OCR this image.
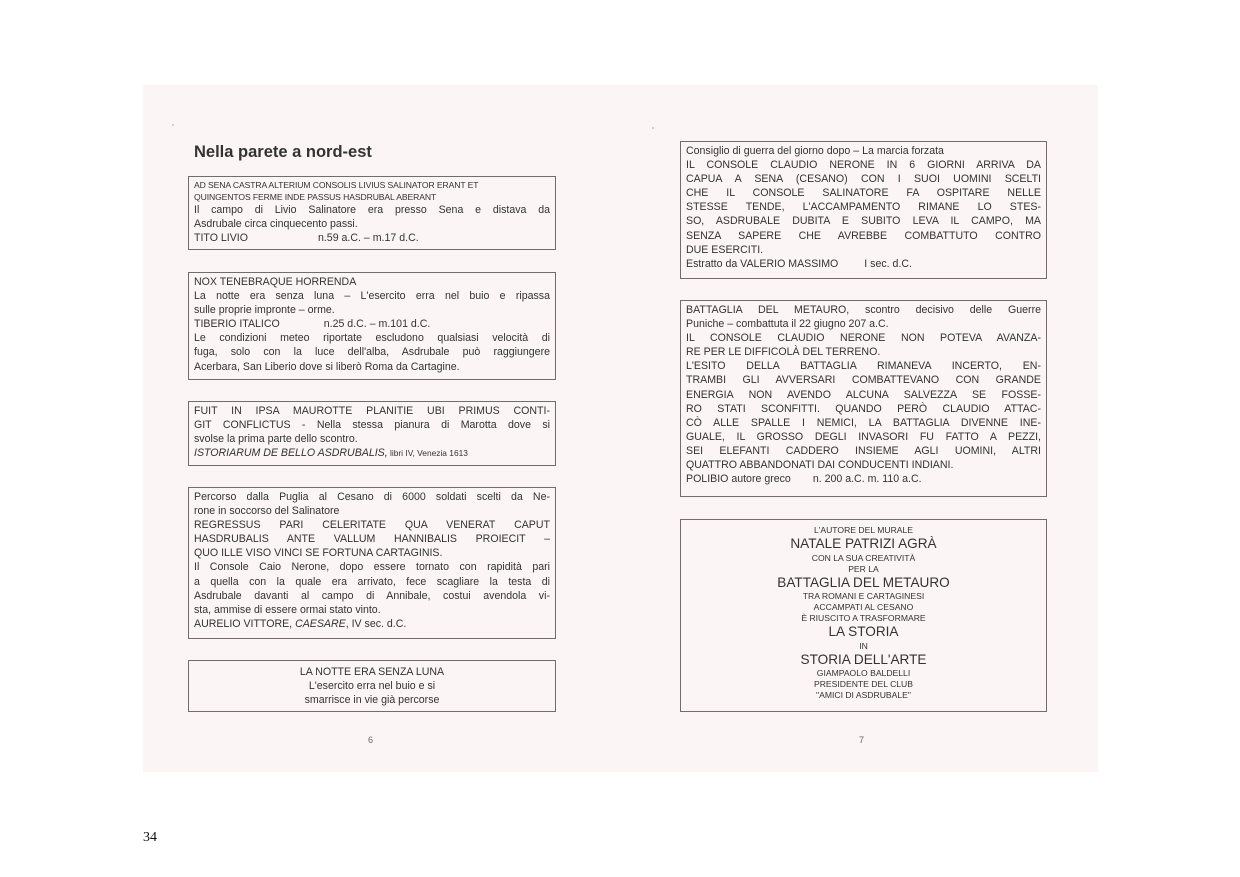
Nella parete a nord-est
AD SENA CASTRA ALTERIUM CONSOLIS LIVIUS SALINATOR ERANT ET
QUINGENTOS FERME INDE PASSUS HASDRUBAL ABERANT
Il campo di Livio Salinatore era presso Sena e distava da
Asdrubale circa cinquecento passi.
TITO LIVIO	n.59 a.C. – m.17 d.C.
NOX TENEBRAQUE HORRENDA
La notte era senza luna – L'esercito erra nel buio e ripassa
sulle proprie impronte – orme.
TIBERIO ITALICO	n.25 d.C. – m.101 d.C.
Le condizioni meteo riportate escludono qualsiasi velocità di
fuga, solo con la luce dell'alba, Asdrubale può raggiungere
Acerbara, San Liberio dove si liberò Roma da Cartagine.
FUIT IN IPSA MAUROTTE PLANITIE UBI PRIMUS CONTI-
GIT CONFLICTUS - Nella stessa pianura di Marotta dove si
svolse la prima parte dello scontro.
ISTORIARUM DE BELLO ASDRUBALIS, libri IV, Venezia 1613
Percorso dalla Puglia al Cesano di 6000 soldati scelti da Ne-
rone in soccorso del Salinatore
REGRESSUS PARI CELERITATE QUA VENERAT CAPUT
HASDRUBALIS ANTE VALLUM HANNIBALIS PROIECIT –
QUO ILLE VISO VINCI SE FORTUNA CARTAGINIS.
Il Console Caio Nerone, dopo essere tornato con rapidità pari
a quella con la quale era arrivato, fece scagliare la testa di
Asdrubale davanti al campo di Annibale, costui avendola vi-
sta, ammise di essere ormai stato vinto.
AURELIO VITTORE, CAESARE, IV sec. d.C.
LA NOTTE ERA SENZA LUNA
L'esercito erra nel buio e si
smarrisce in vie già percorse
6
Consiglio di guerra del giorno dopo – La marcia forzata
IL CONSOLE CLAUDIO NERONE IN 6 GIORNI ARRIVA DA
CAPUA A SENA (CESANO) CON I SUOI UOMINI SCELTI
CHE IL CONSOLE SALINATORE FA OSPITARE NELLE
STESSE TENDE, L'ACCAMPAMENTO RIMANE LO STES-
SO, ASDRUBALE DUBITA E SUBITO LEVA IL CAMPO, MA
SENZA SAPERE CHE AVREBBE COMBATTUTO CONTRO
DUE ESERCITI.
Estratto da VALERIO MASSIMO I sec. d.C.
BATTAGLIA DEL METAURO, scontro decisivo delle Guerre
Puniche – combattuta il 22 giugno 207 a.C.
IL CONSOLE CLAUDIO NERONE NON POTEVA AVANZA-
RE PER LE DIFFICOLÀ DEL TERRENO.
L'ESITO DELLA BATTAGLIA RIMANEVA INCERTO, EN-
TRAMBI GLI AVVERSARI COMBATTEVANO CON GRANDE
ENERGIA NON AVENDO ALCUNA SALVEZZA SE FOSSE-
RO STATI SCONFITTI. QUANDO PERÒ CLAUDIO ATTAC-
CÒ ALLE SPALLE I NEMICI, LA BATTAGLIA DIVENNE INE-
GUALE, IL GROSSO DEGLI INVASORI FU FATTO A PEZZI,
SEI ELEFANTI CADDERO INSIEME AGLI UOMINI, ALTRI
QUATTRO ABBANDONATI DAI CONDUCENTI INDIANI.
POLIBIO autore greco n. 200 a.C. m. 110 a.C.
L'AUTORE DEL MURALE
NATALE PATRIZI AGRÀ
CON LA SUA CREATIVITÀ
PER LA
BATTAGLIA DEL METAURO
TRA ROMANI E CARTAGINESI
ACCAMPATI AL CESANO
È RIUSCITO A TRASFORMARE
LA STORIA
IN
STORIA DELL'ARTE
GIAMPAOLO BALDELLI
PRESIDENTE DEL CLUB
"AMICI DI ASDRUBALE"
7
34
